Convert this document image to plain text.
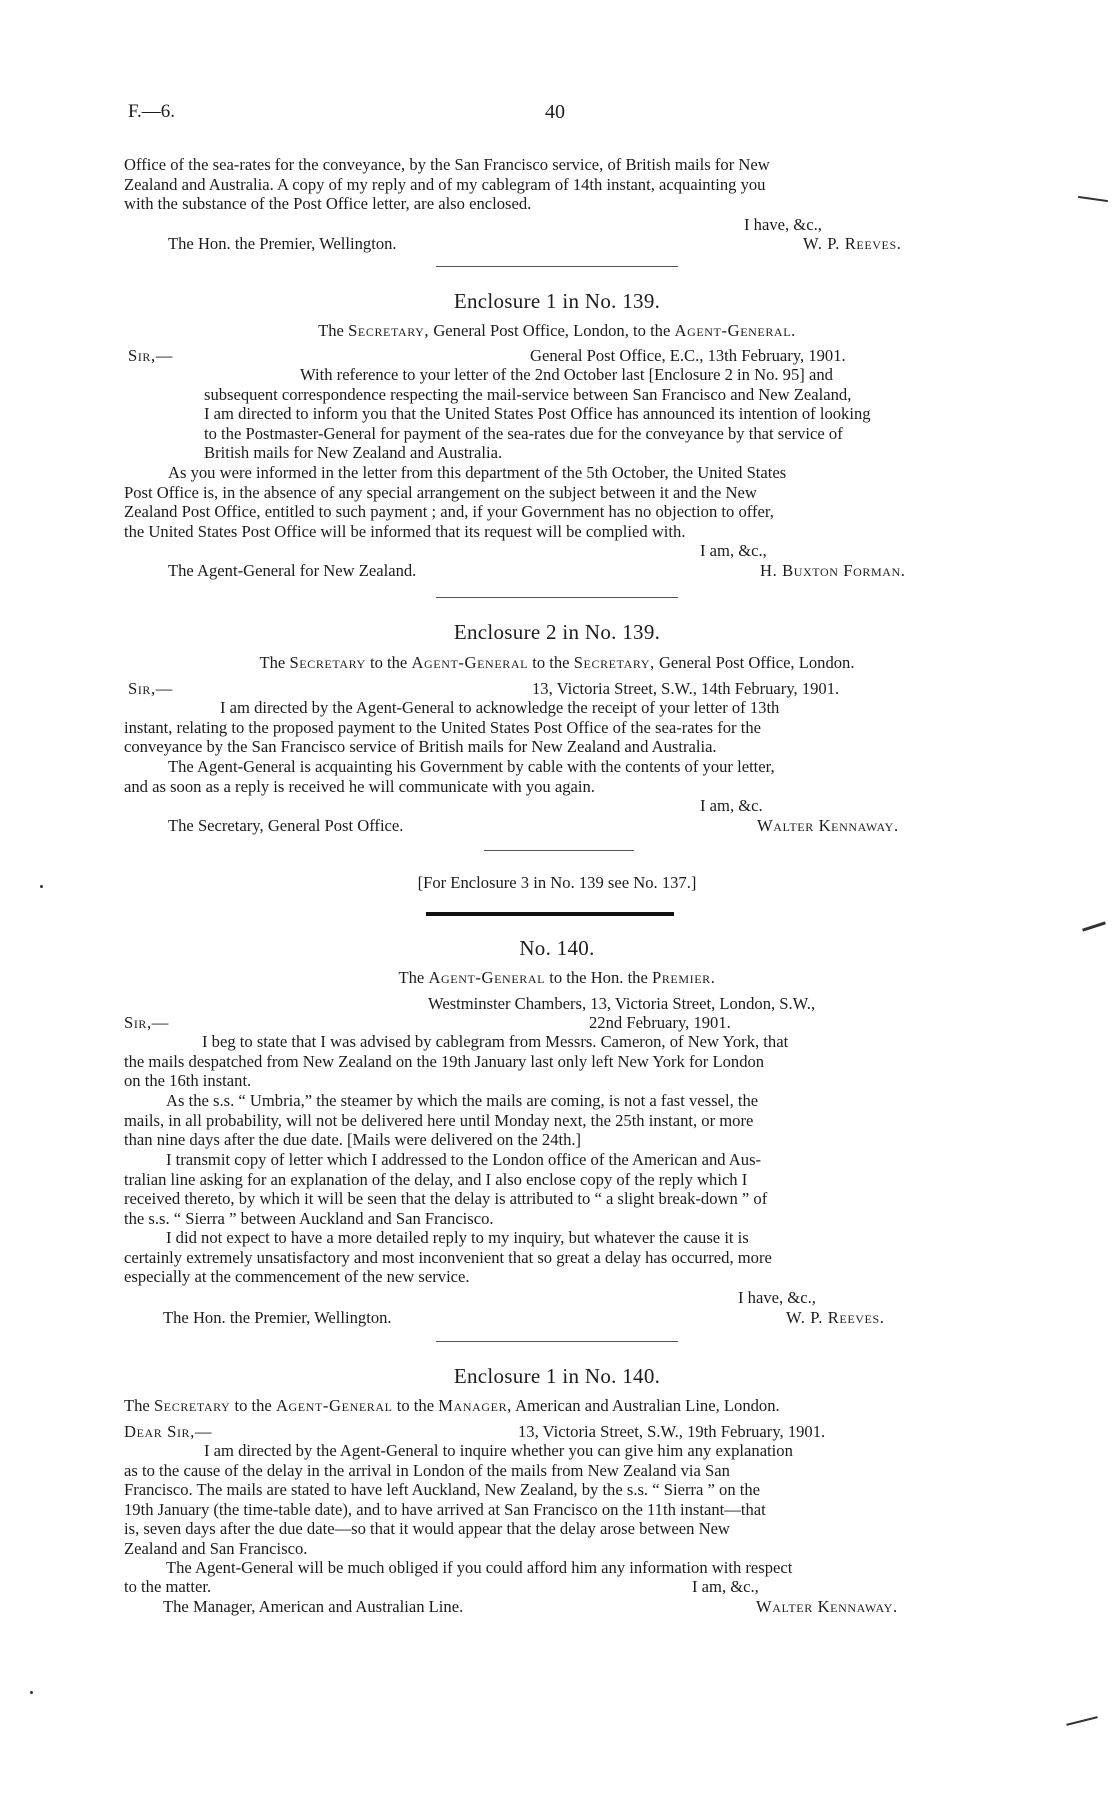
F.—6.	40
Office of the sea-rates for the conveyance, by the San Francisco service, of British mails for New
Zealand and Australia. A copy of my reply and of my cablegram of 14th instant, acquainting you
with the substance of the Post Office letter, are also enclosed.
I have, &c.,
The Hon. the Premier, Wellington.	W. P. Reeves.
Enclosure 1 in No. 139.
The Secretary, General Post Office, London, to the Agent-General.
Sir,—	General Post Office, E.C., 13th February, 1901.
With reference to your letter of the 2nd October last [Enclosure 2 in No. 95] and
subsequent correspondence respecting the mail-service between San Francisco and New Zealand,
I am directed to inform you that the United States Post Office has announced its intention of looking
to the Postmaster-General for payment of the sea-rates due for the conveyance by that service of
British mails for New Zealand and Australia.
As you were informed in the letter from this department of the 5th October, the United States
Post Office is, in the absence of any special arrangement on the subject between it and the New
Zealand Post Office, entitled to such payment ; and, if your Government has no objection to offer,
the United States Post Office will be informed that its request will be complied with.
I am, &c.,
The Agent-General for New Zealand.	H. Buxton Forman.
Enclosure 2 in No. 139.
The Secretary to the Agent-General to the Secretary, General Post Office, London.
Sir,—	13, Victoria Street, S.W., 14th February, 1901.
I am directed by the Agent-General to acknowledge the receipt of your letter of 13th
instant, relating to the proposed payment to the United States Post Office of the sea-rates for the
conveyance by the San Francisco service of British mails for New Zealand and Australia.
The Agent-General is acquainting his Government by cable with the contents of your letter,
and as soon as a reply is received he will communicate with you again.
I am, &c.
The Secretary, General Post Office.	Walter Kennaway.
[For Enclosure 3 in No. 139 see No. 137.]
No. 140.
The Agent-General to the Hon. the Premier.
Westminster Chambers, 13, Victoria Street, London, S.W.,
22nd February, 1901.
Sir,—
I beg to state that I was advised by cablegram from Messrs. Cameron, of New York, that
the mails despatched from New Zealand on the 19th January last only left New York for London
on the 16th instant.
As the s.s. “ Umbria,” the steamer by which the mails are coming, is not a fast vessel, the
mails, in all probability, will not be delivered here until Monday next, the 25th instant, or more
than nine days after the due date. [Mails were delivered on the 24th.]
I transmit copy of letter which I addressed to the London office of the American and Aus-
tralian line asking for an explanation of the delay, and I also enclose copy of the reply which I
received thereto, by which it will be seen that the delay is attributed to “ a slight break-down ” of
the s.s. “ Sierra ” between Auckland and San Francisco.
I did not expect to have a more detailed reply to my inquiry, but whatever the cause it is
certainly extremely unsatisfactory and most inconvenient that so great a delay has occurred, more
especially at the commencement of the new service.
I have, &c.,
The Hon. the Premier, Wellington.	W. P. Reeves.
Enclosure 1 in No. 140.
The Secretary to the Agent-General to the Manager, American and Australian Line, London.
Dear Sir,—	13, Victoria Street, S.W., 19th February, 1901.
I am directed by the Agent-General to inquire whether you can give him any explanation
as to the cause of the delay in the arrival in London of the mails from New Zealand via San
Francisco. The mails are stated to have left Auckland, New Zealand, by the s.s. “ Sierra ” on the
19th January (the time-table date), and to have arrived at San Francisco on the 11th instant—that
is, seven days after the due date—so that it would appear that the delay arose between New
Zealand and San Francisco.
The Agent-General will be much obliged if you could afford him any information with respect
to the matter.	I am, &c.,
The Manager, American and Australian Line.	Walter Kennaway.
